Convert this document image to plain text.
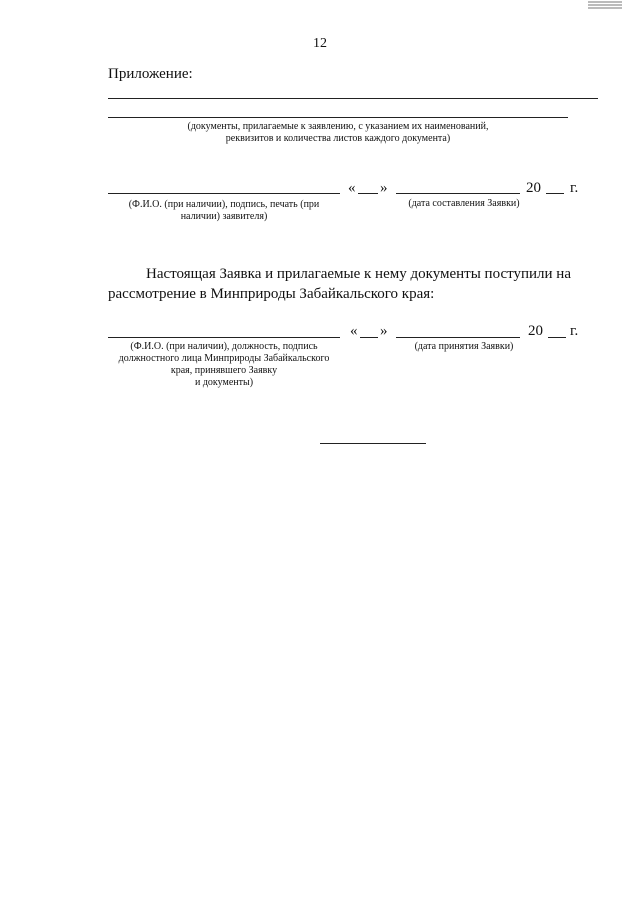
12
Приложение:
(документы, прилагаемые к заявлению, с указанием их наименований,
реквизитов и количества листов каждого документа)
« »	20 г.
(Ф.И.О. (при наличии), подпись, печать (при
наличии) заявителя)
(дата составления Заявки)
Настоящая Заявка и прилагаемые к нему документы поступили на
рассмотрение в Минприроды Забайкальского края:
« »	20 г.
(Ф.И.О. (при наличии), должность, подпись
должностного лица Минприроды Забайкальского
края, принявшего Заявку
и документы)
(дата принятия Заявки)
